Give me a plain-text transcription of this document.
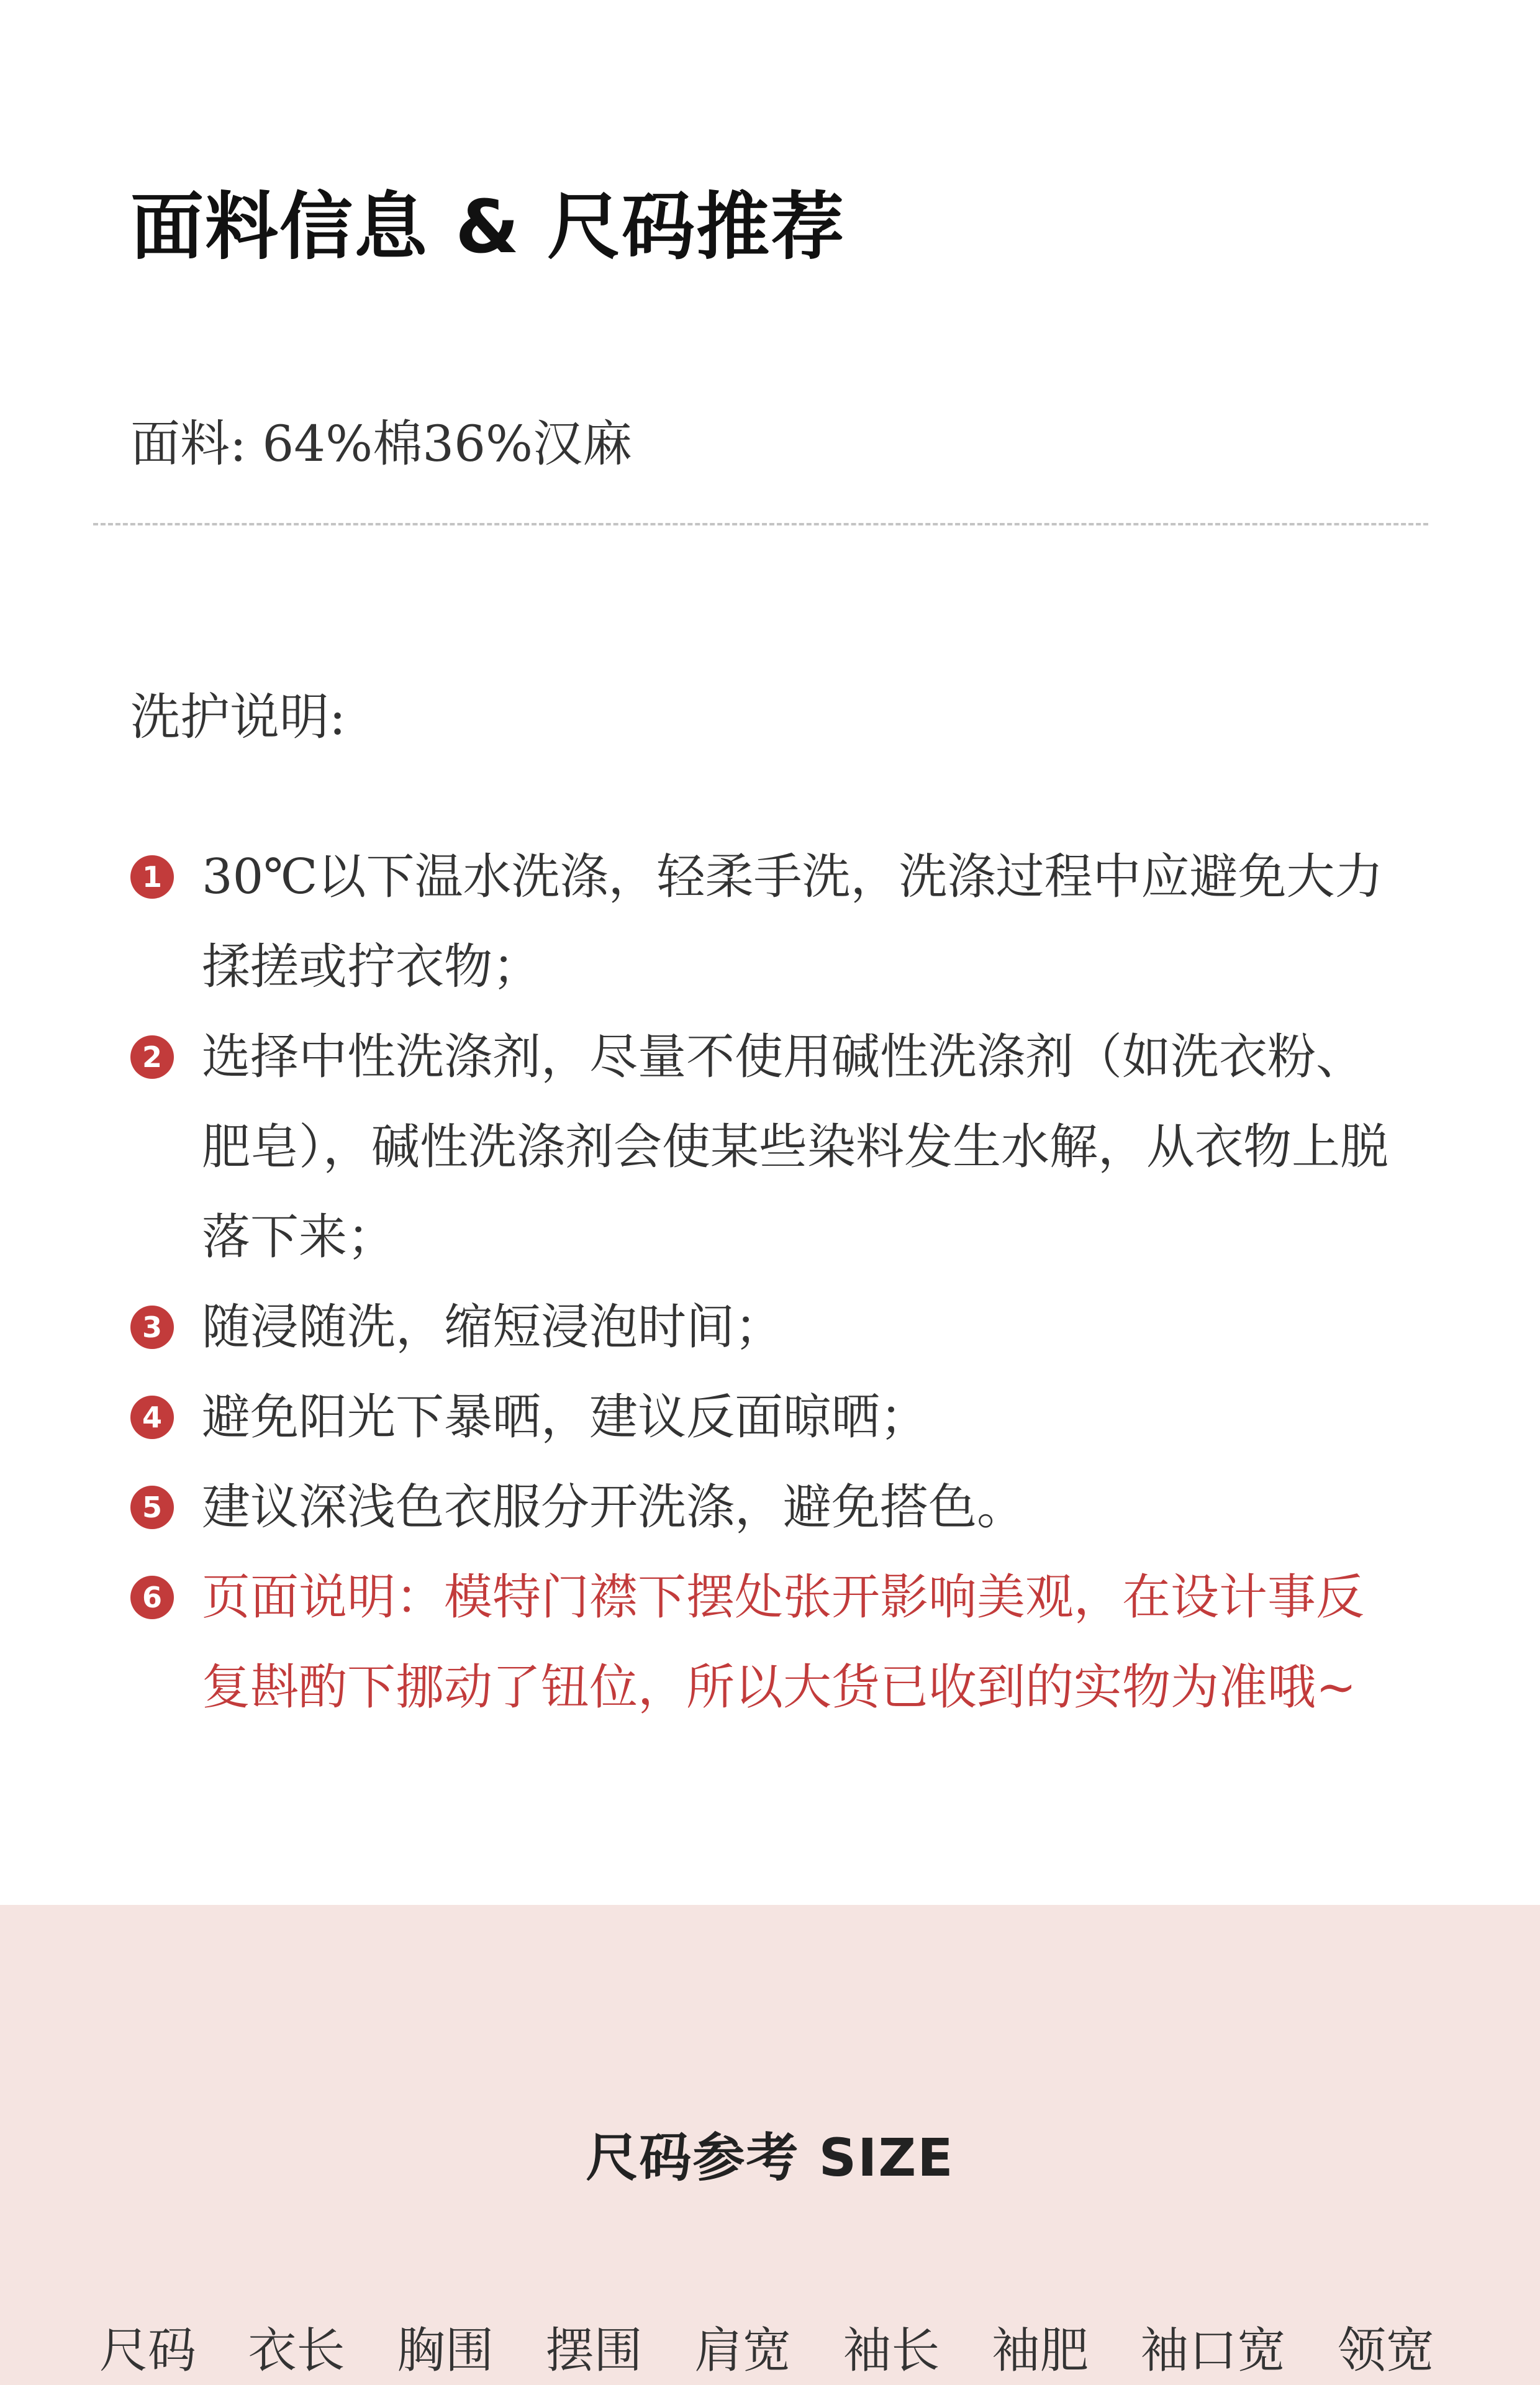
面料信息 & 尺码推荐
面料: 64%棉36%汉麻
洗护说明:
1 30℃以下温水洗涤，轻柔手洗，洗涤过程中应避免大力揉搓或拧衣物；
2 选择中性洗涤剂，尽量不使用碱性洗涤剂（如洗衣粉、肥皂），碱性洗涤剂会使某些染料发生水解，从衣物上脱落下来；
3 随浸随洗，缩短浸泡时间；
4 避免阳光下暴晒，建议反面晾晒；
5 建议深浅色衣服分开洗涤，避免搭色。
6 页面说明：模特门襟下摆处张开影响美观，在设计事反复斟酌下挪动了钮位，所以大货已收到的实物为准哦~
尺码参考 SIZE
尺码 衣长 胸围 摆围 肩宽 袖长 袖肥 袖口宽 领宽
